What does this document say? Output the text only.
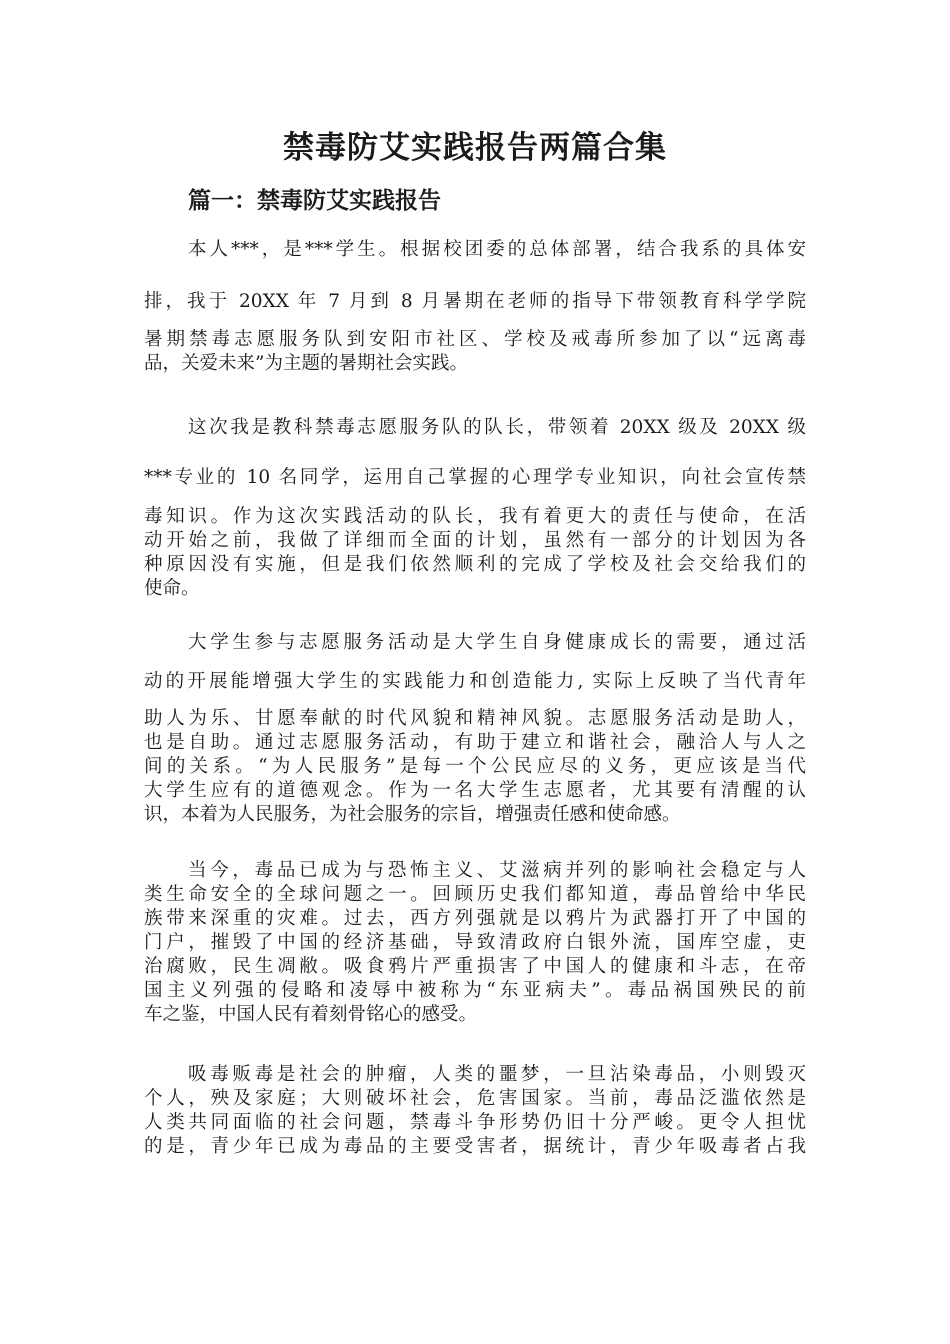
禁毒防艾实践报告两篇合集
篇一：禁毒防艾实践报告
本人***，是***学生。根据校团委的总体部署，结合我系的具体安
排，我于 20XX 年 7 月到 8 月暑期在老师的指导下带领教育科学学院
暑期禁毒志愿服务队到安阳市社区、学校及戒毒所参加了以“远离毒
品，关爱未来”为主题的暑期社会实践。
这次我是教科禁毒志愿服务队的队长，带领着 20XX 级及 20XX 级
***专业的 10 名同学，运用自己掌握的心理学专业知识，向社会宣传禁
毒知识。作为这次实践活动的队长，我有着更大的责任与使命，在活
动开始之前，我做了详细而全面的计划，虽然有一部分的计划因为各
种原因没有实施，但是我们依然顺利的完成了学校及社会交给我们的
使命。
大学生参与志愿服务活动是大学生自身健康成长的需要，通过活
动的开展能增强大学生的实践能力和创造能力, 实际上反映了当代青年
助人为乐、甘愿奉献的时代风貌和精神风貌。志愿服务活动是助人，
也是自助。通过志愿服务活动，有助于建立和谐社会，融洽人与人之
间的关系。“为人民服务”是每一个公民应尽的义务，更应该是当代
大学生应有的道德观念。作为一名大学生志愿者，尤其要有清醒的认
识，本着为人民服务，为社会服务的宗旨，增强责任感和使命感。
当今，毒品已成为与恐怖主义、艾滋病并列的影响社会稳定与人
类生命安全的全球问题之一。回顾历史我们都知道，毒品曾给中华民
族带来深重的灾难。过去，西方列强就是以鸦片为武器打开了中国的
门户，摧毁了中国的经济基础，导致清政府白银外流，国库空虚，吏
治腐败，民生凋敝。吸食鸦片严重损害了中国人的健康和斗志，在帝
国主义列强的侵略和凌辱中被称为“东亚病夫”。毒品祸国殃民的前
车之鉴，中国人民有着刻骨铭心的感受。
吸毒贩毒是社会的肿瘤，人类的噩梦，一旦沾染毒品，小则毁灭
个人，殃及家庭；大则破坏社会，危害国家。当前，毒品泛滥依然是
人类共同面临的社会问题，禁毒斗争形势仍旧十分严峻。更令人担忧
的是，青少年已成为毒品的主要受害者，据统计，青少年吸毒者占我
